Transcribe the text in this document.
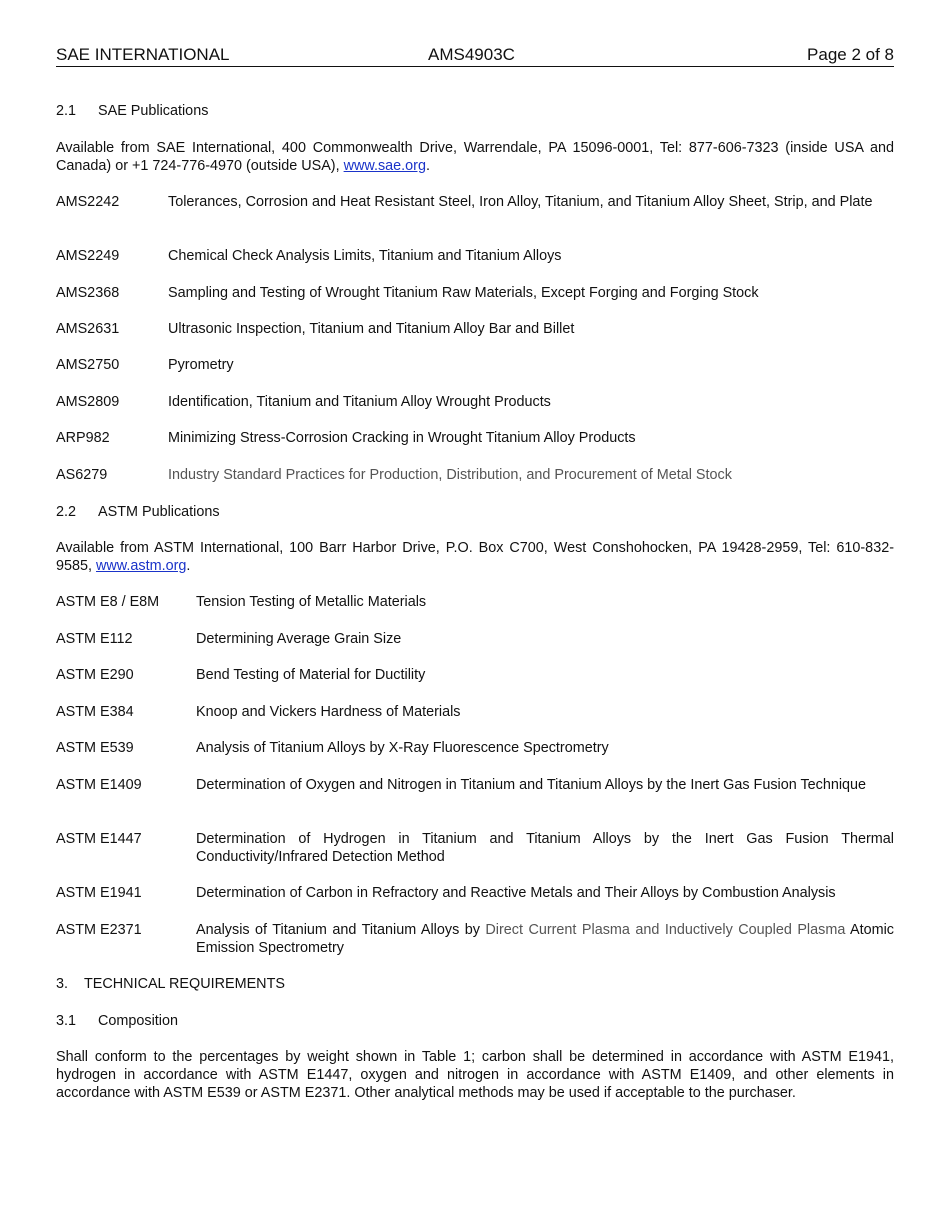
SAE INTERNATIONAL	AMS4903C	Page 2 of 8
2.1 SAE Publications
Available from SAE International, 400 Commonwealth Drive, Warrendale, PA 15096-0001, Tel: 877-606-7323 (inside USA and Canada) or +1 724-776-4970 (outside USA), www.sae.org.
AMS2242	Tolerances, Corrosion and Heat Resistant Steel, Iron Alloy, Titanium, and Titanium Alloy Sheet, Strip, and Plate
AMS2249	Chemical Check Analysis Limits, Titanium and Titanium Alloys
AMS2368	Sampling and Testing of Wrought Titanium Raw Materials, Except Forging and Forging Stock
AMS2631	Ultrasonic Inspection, Titanium and Titanium Alloy Bar and Billet
AMS2750	Pyrometry
AMS2809	Identification, Titanium and Titanium Alloy Wrought Products
ARP982	Minimizing Stress-Corrosion Cracking in Wrought Titanium Alloy Products
AS6279	Industry Standard Practices for Production, Distribution, and Procurement of Metal Stock
2.2 ASTM Publications
Available from ASTM International, 100 Barr Harbor Drive, P.O. Box C700, West Conshohocken, PA 19428-2959, Tel: 610-832-9585, www.astm.org.
ASTM E8 / E8M	Tension Testing of Metallic Materials
ASTM E112	Determining Average Grain Size
ASTM E290	Bend Testing of Material for Ductility
ASTM E384	Knoop and Vickers Hardness of Materials
ASTM E539	Analysis of Titanium Alloys by X-Ray Fluorescence Spectrometry
ASTM E1409	Determination of Oxygen and Nitrogen in Titanium and Titanium Alloys by the Inert Gas Fusion Technique
ASTM E1447	Determination of Hydrogen in Titanium and Titanium Alloys by the Inert Gas Fusion Thermal Conductivity/Infrared Detection Method
ASTM E1941	Determination of Carbon in Refractory and Reactive Metals and Their Alloys by Combustion Analysis
ASTM E2371	Analysis of Titanium and Titanium Alloys by Direct Current Plasma and Inductively Coupled Plasma Atomic Emission Spectrometry
3. TECHNICAL REQUIREMENTS
3.1 Composition
Shall conform to the percentages by weight shown in Table 1; carbon shall be determined in accordance with ASTM E1941, hydrogen in accordance with ASTM E1447, oxygen and nitrogen in accordance with ASTM E1409, and other elements in accordance with ASTM E539 or ASTM E2371. Other analytical methods may be used if acceptable to the purchaser.
